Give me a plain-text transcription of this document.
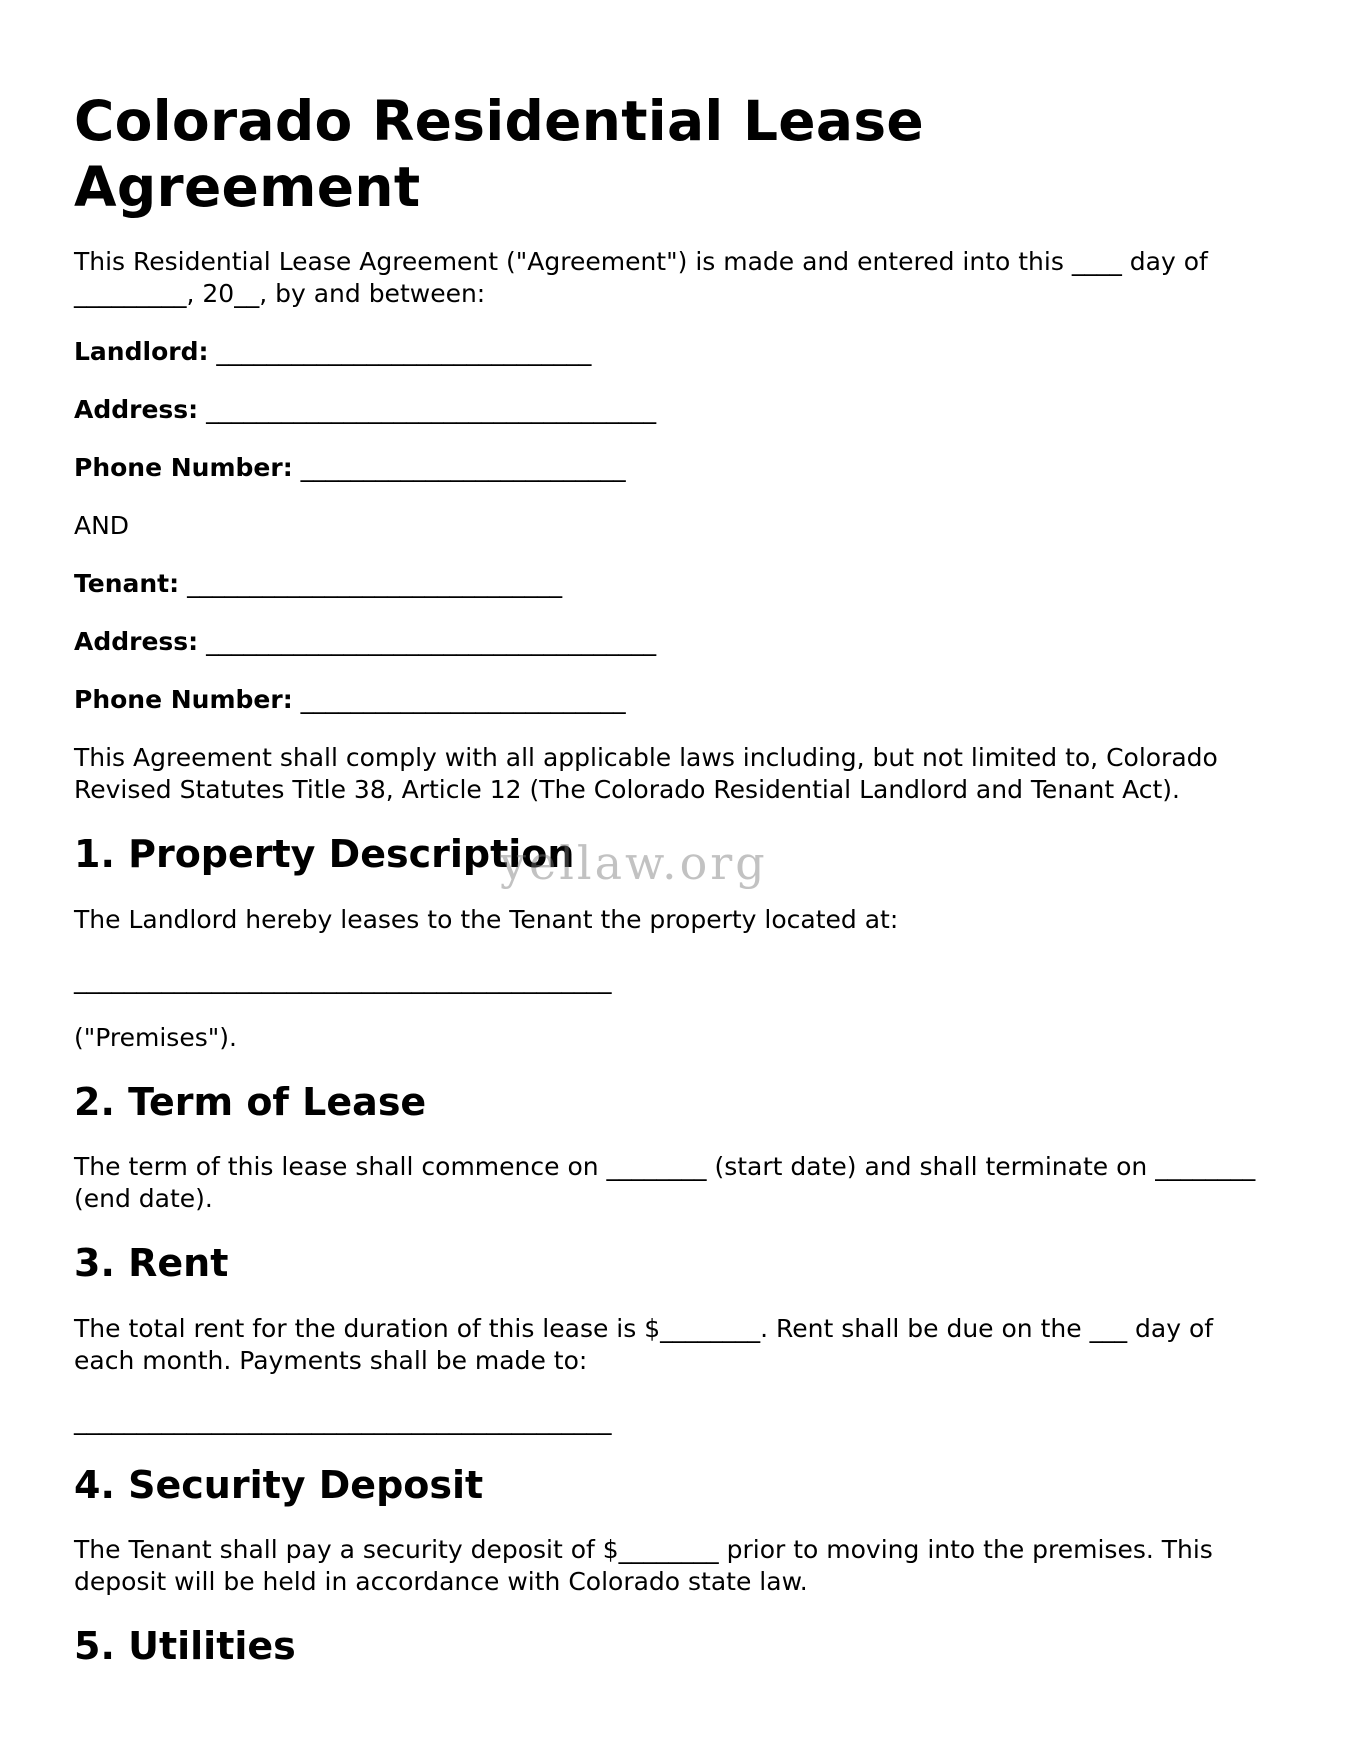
Colorado Residential Lease Agreement

This Residential Lease Agreement ("Agreement") is made and entered into this ____ day of _________, 20__, by and between:

Landlord: ______________________________
Address: ____________________________________
Phone Number: __________________________

AND

Tenant: ______________________________
Address: ____________________________________
Phone Number: __________________________

This Agreement shall comply with all applicable laws including, but not limited to, Colorado Revised Statutes Title 38, Article 12 (The Colorado Residential Landlord and Tenant Act).

1. Property Description

The Landlord hereby leases to the Tenant the property located at:

___________________________________________

("Premises").

2. Term of Lease

The term of this lease shall commence on ________ (start date) and shall terminate on ________ (end date).

3. Rent

The total rent for the duration of this lease is $________. Rent shall be due on the ___ day of each month. Payments shall be made to:

___________________________________________
4. Security Deposit

The Tenant shall pay a security deposit of $________ prior to moving into the premises. This deposit will be held in accordance with Colorado state law.

5. Utilities
yellaw.org
